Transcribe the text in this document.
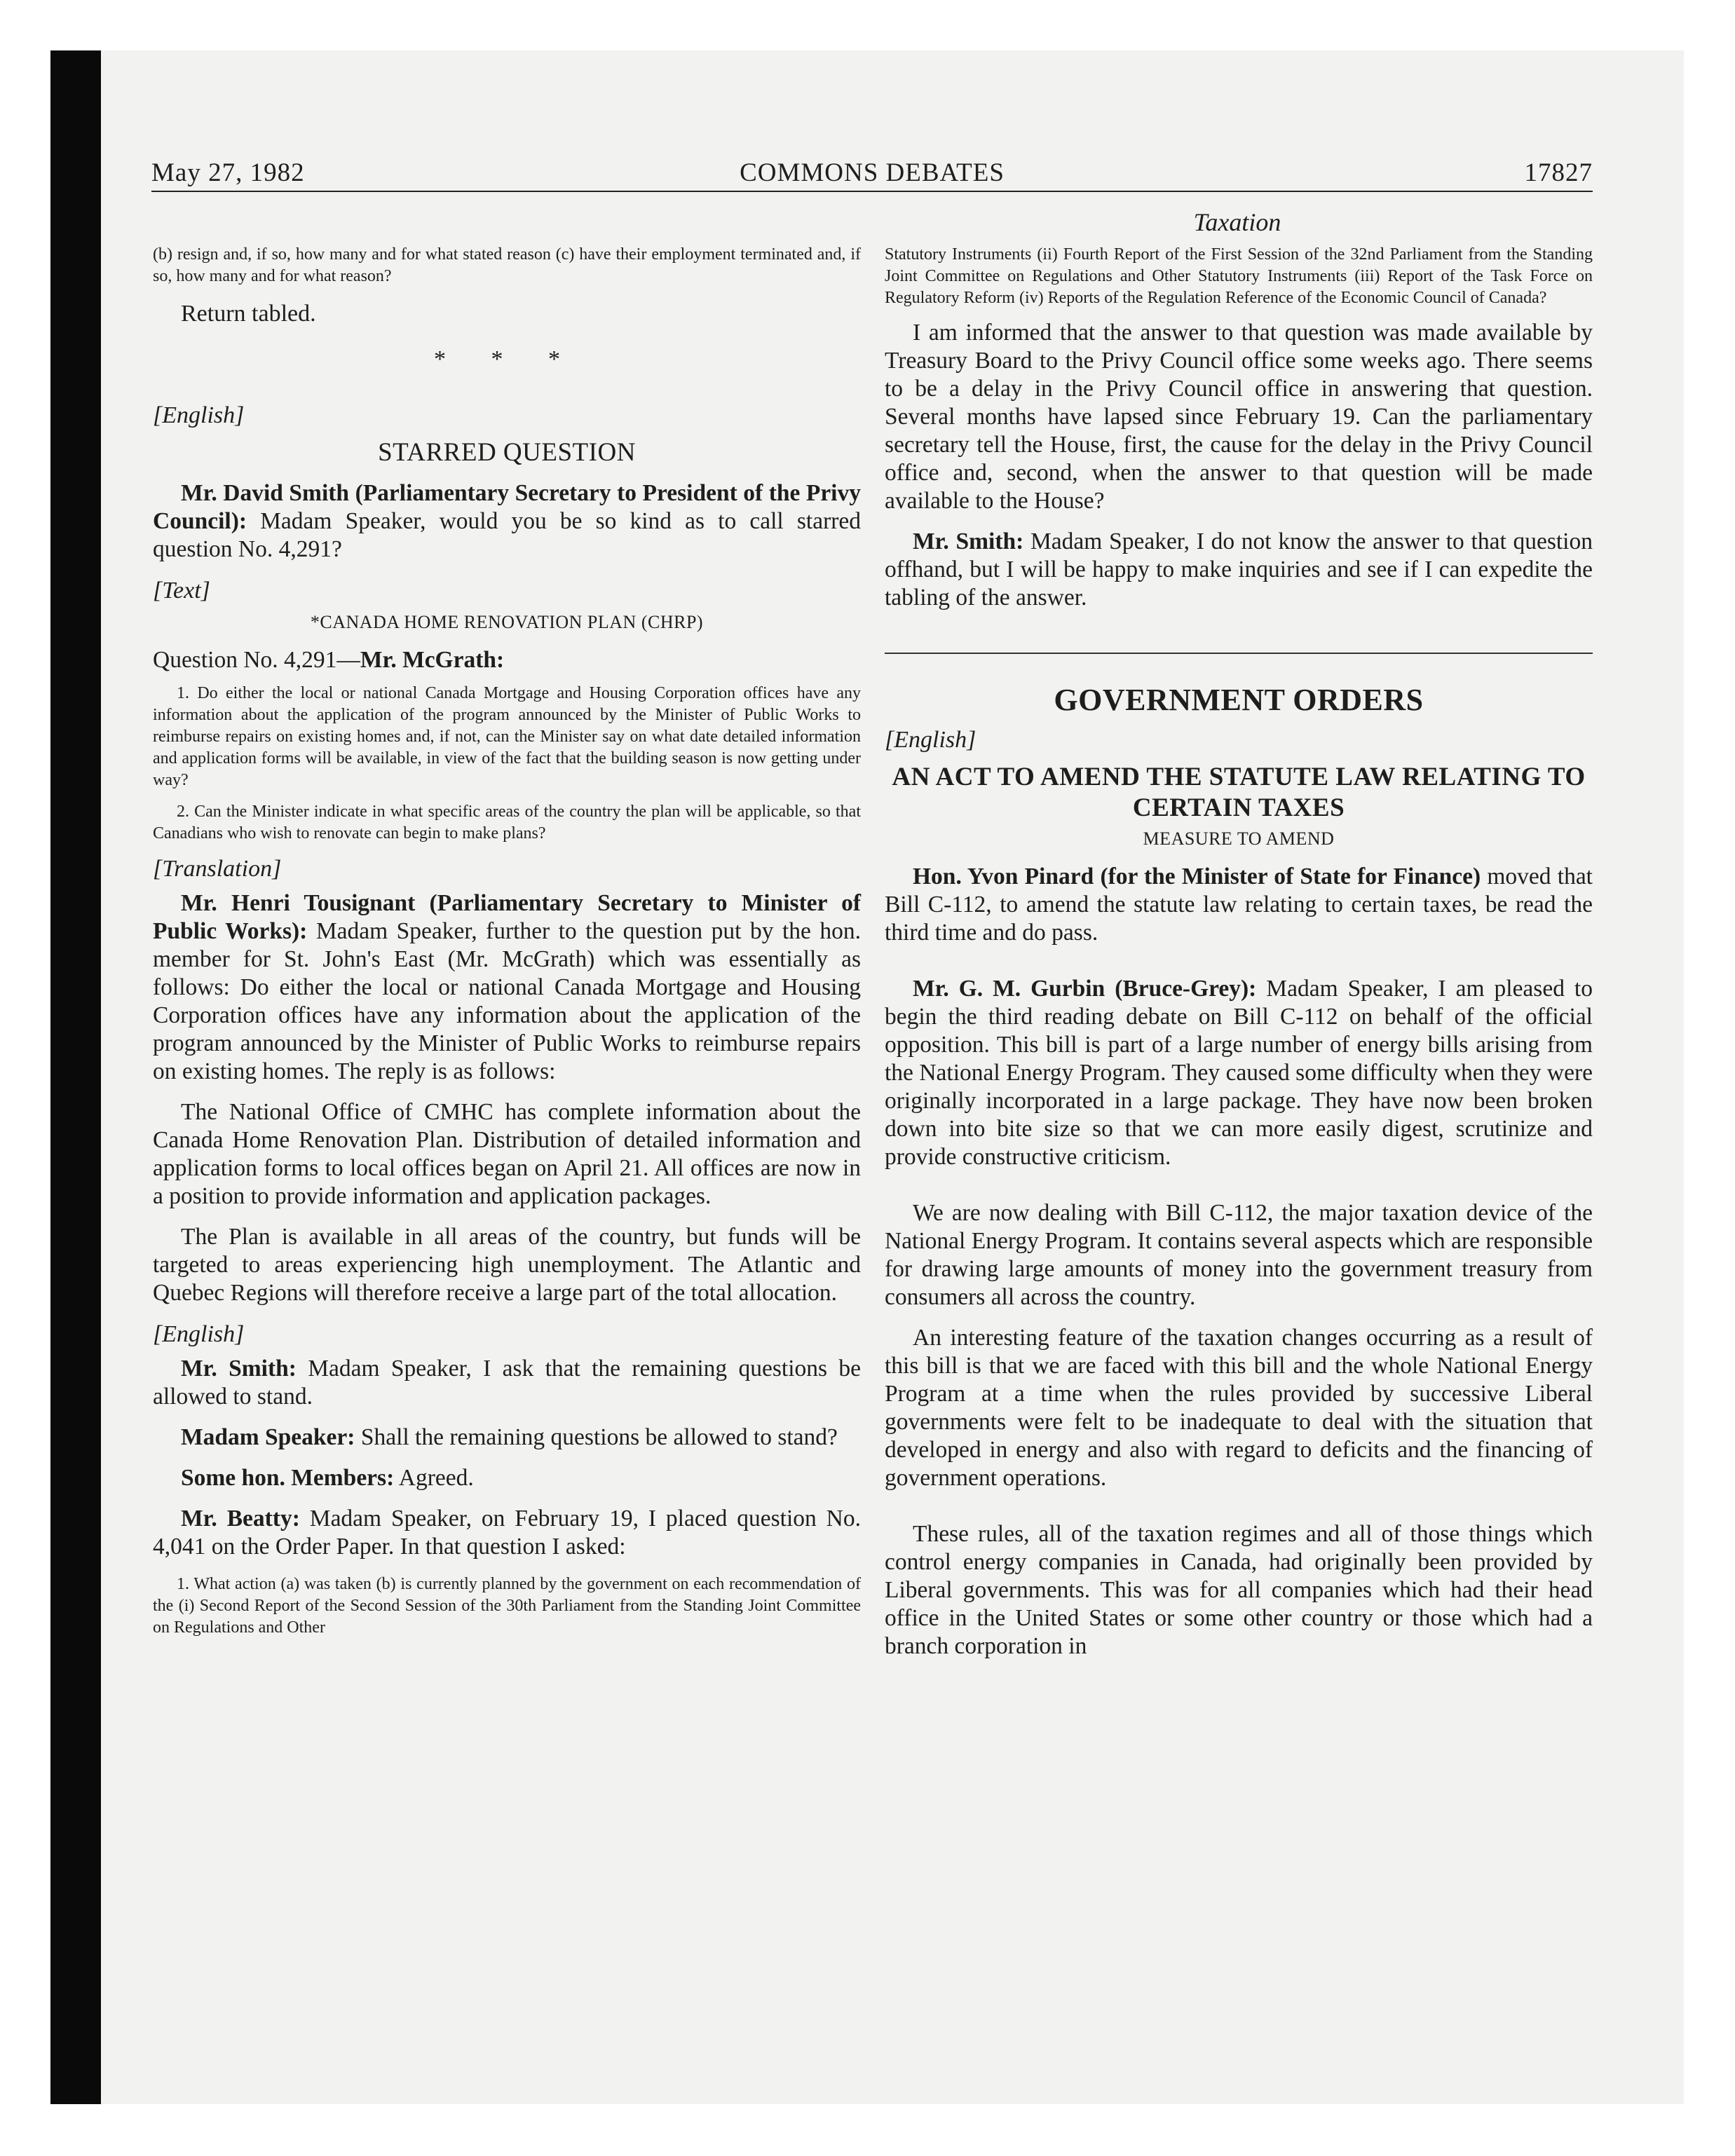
May 27, 1982	COMMONS DEBATES	17827
Taxation

(b) resign and, if so, how many and for what stated reason (c) have their employment terminated and, if so, how many and for what reason?

Return tabled.

* * *

[English]

STARRED QUESTION

Mr. David Smith (Parliamentary Secretary to President of the Privy Council): Madam Speaker, would you be so kind as to call starred question No. 4,291?

[Text]

*CANADA HOME RENOVATION PLAN (CHRP)

Question No. 4,291—Mr. McGrath:

1. Do either the local or national Canada Mortgage and Housing Corporation offices have any information about the application of the program announced by the Minister of Public Works to reimburse repairs on existing homes and, if not, can the Minister say on what date detailed information and application forms will be available, in view of the fact that the building season is now getting under way?

2. Can the Minister indicate in what specific areas of the country the plan will be applicable, so that Canadians who wish to renovate can begin to make plans?

[Translation]

Mr. Henri Tousignant (Parliamentary Secretary to Minister of Public Works): Madam Speaker, further to the question put by the hon. member for St. John's East (Mr. McGrath) which was essentially as follows: Do either the local or national Canada Mortgage and Housing Corporation offices have any information about the application of the program announced by the Minister of Public Works to reimburse repairs on existing homes. The reply is as follows:

The National Office of CMHC has complete information about the Canada Home Renovation Plan. Distribution of detailed information and application forms to local offices began on April 21. All offices are now in a position to provide information and application packages.

The Plan is available in all areas of the country, but funds will be targeted to areas experiencing high unemployment. The Atlantic and Quebec Regions will therefore receive a large part of the total allocation.

[English]

Mr. Smith: Madam Speaker, I ask that the remaining questions be allowed to stand.

Madam Speaker: Shall the remaining questions be allowed to stand?

Some hon. Members: Agreed.

Mr. Beatty: Madam Speaker, on February 19, I placed question No. 4,041 on the Order Paper. In that question I asked:

1. What action (a) was taken (b) is currently planned by the government on each recommendation of the (i) Second Report of the Second Session of the 30th Parliament from the Standing Joint Committee on Regulations and Other

Statutory Instruments (ii) Fourth Report of the First Session of the 32nd Parliament from the Standing Joint Committee on Regulations and Other Statutory Instruments (iii) Report of the Task Force on Regulatory Reform (iv) Reports of the Regulation Reference of the Economic Council of Canada?

I am informed that the answer to that question was made available by Treasury Board to the Privy Council office some weeks ago. There seems to be a delay in the Privy Council office in answering that question. Several months have lapsed since February 19. Can the parliamentary secretary tell the House, first, the cause for the delay in the Privy Council office and, second, when the answer to that question will be made available to the House?

Mr. Smith: Madam Speaker, I do not know the answer to that question offhand, but I will be happy to make inquiries and see if I can expedite the tabling of the answer.

GOVERNMENT ORDERS

[English]

AN ACT TO AMEND THE STATUTE LAW RELATING TO CERTAIN TAXES

MEASURE TO AMEND

Hon. Yvon Pinard (for the Minister of State for Finance) moved that Bill C-112, to amend the statute law relating to certain taxes, be read the third time and do pass.

Mr. G. M. Gurbin (Bruce-Grey): Madam Speaker, I am pleased to begin the third reading debate on Bill C-112 on behalf of the official opposition. This bill is part of a large number of energy bills arising from the National Energy Program. They caused some difficulty when they were originally incorporated in a large package. They have now been broken down into bite size so that we can more easily digest, scrutinize and provide constructive criticism.

We are now dealing with Bill C-112, the major taxation device of the National Energy Program. It contains several aspects which are responsible for drawing large amounts of money into the government treasury from consumers all across the country.

An interesting feature of the taxation changes occurring as a result of this bill is that we are faced with this bill and the whole National Energy Program at a time when the rules provided by successive Liberal governments were felt to be inadequate to deal with the situation that developed in energy and also with regard to deficits and the financing of government operations.

These rules, all of the taxation regimes and all of those things which control energy companies in Canada, had originally been provided by Liberal governments. This was for all companies which had their head office in the United States or some other country or those which had a branch corporation in
